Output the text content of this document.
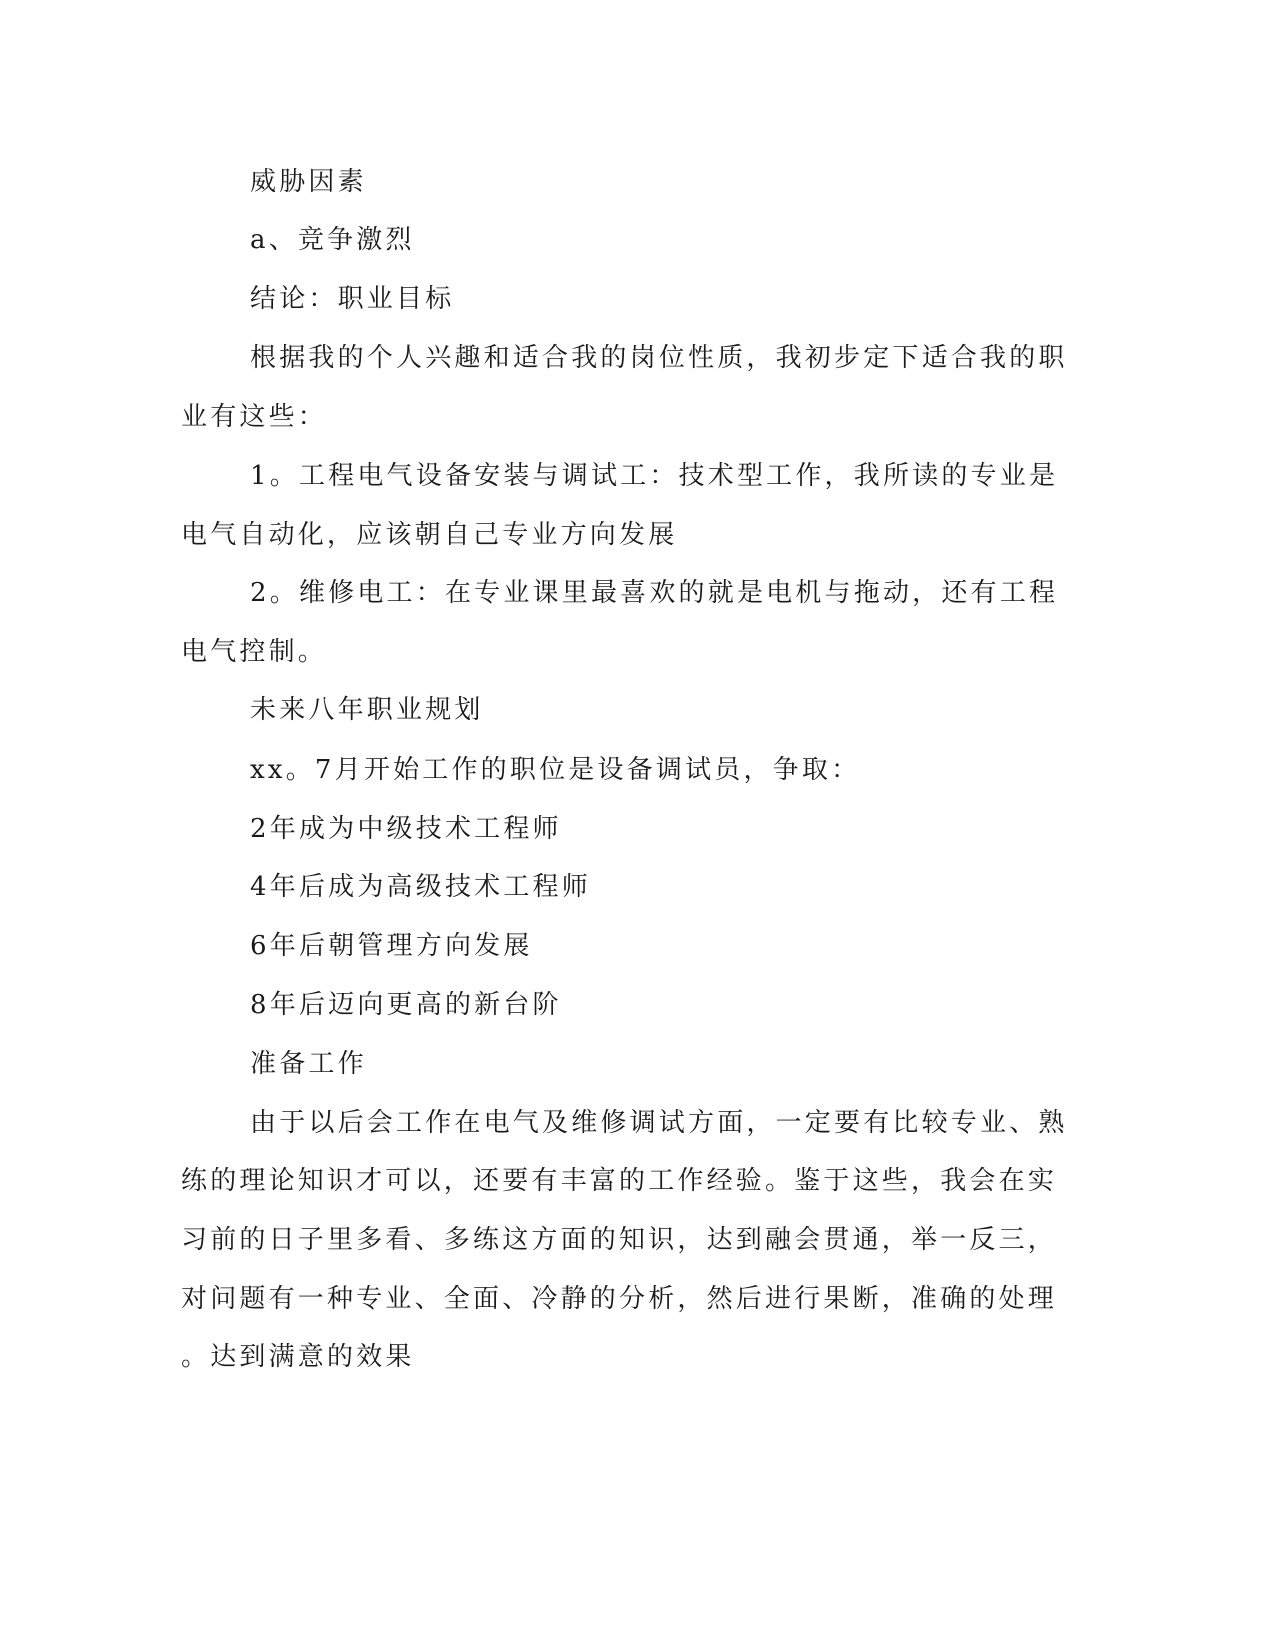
威胁因素

a、竞争激烈

结论：职业目标

根据我的个人兴趣和适合我的岗位性质，我初步定下适合我的职

业有这些：

1。工程电气设备安装与调试工：技术型工作，我所读的专业是

电气自动化，应该朝自己专业方向发展

2。维修电工：在专业课里最喜欢的就是电机与拖动，还有工程

电气控制。

未来八年职业规划

xx。7月开始工作的职位是设备调试员，争取：

2年成为中级技术工程师

4年后成为高级技术工程师

6年后朝管理方向发展

8年后迈向更高的新台阶

准备工作

由于以后会工作在电气及维修调试方面，一定要有比较专业、熟

练的理论知识才可以，还要有丰富的工作经验。鉴于这些，我会在实

习前的日子里多看、多练这方面的知识，达到融会贯通，举一反三，

对问题有一种专业、全面、冷静的分析，然后进行果断，准确的处理

。达到满意的效果
